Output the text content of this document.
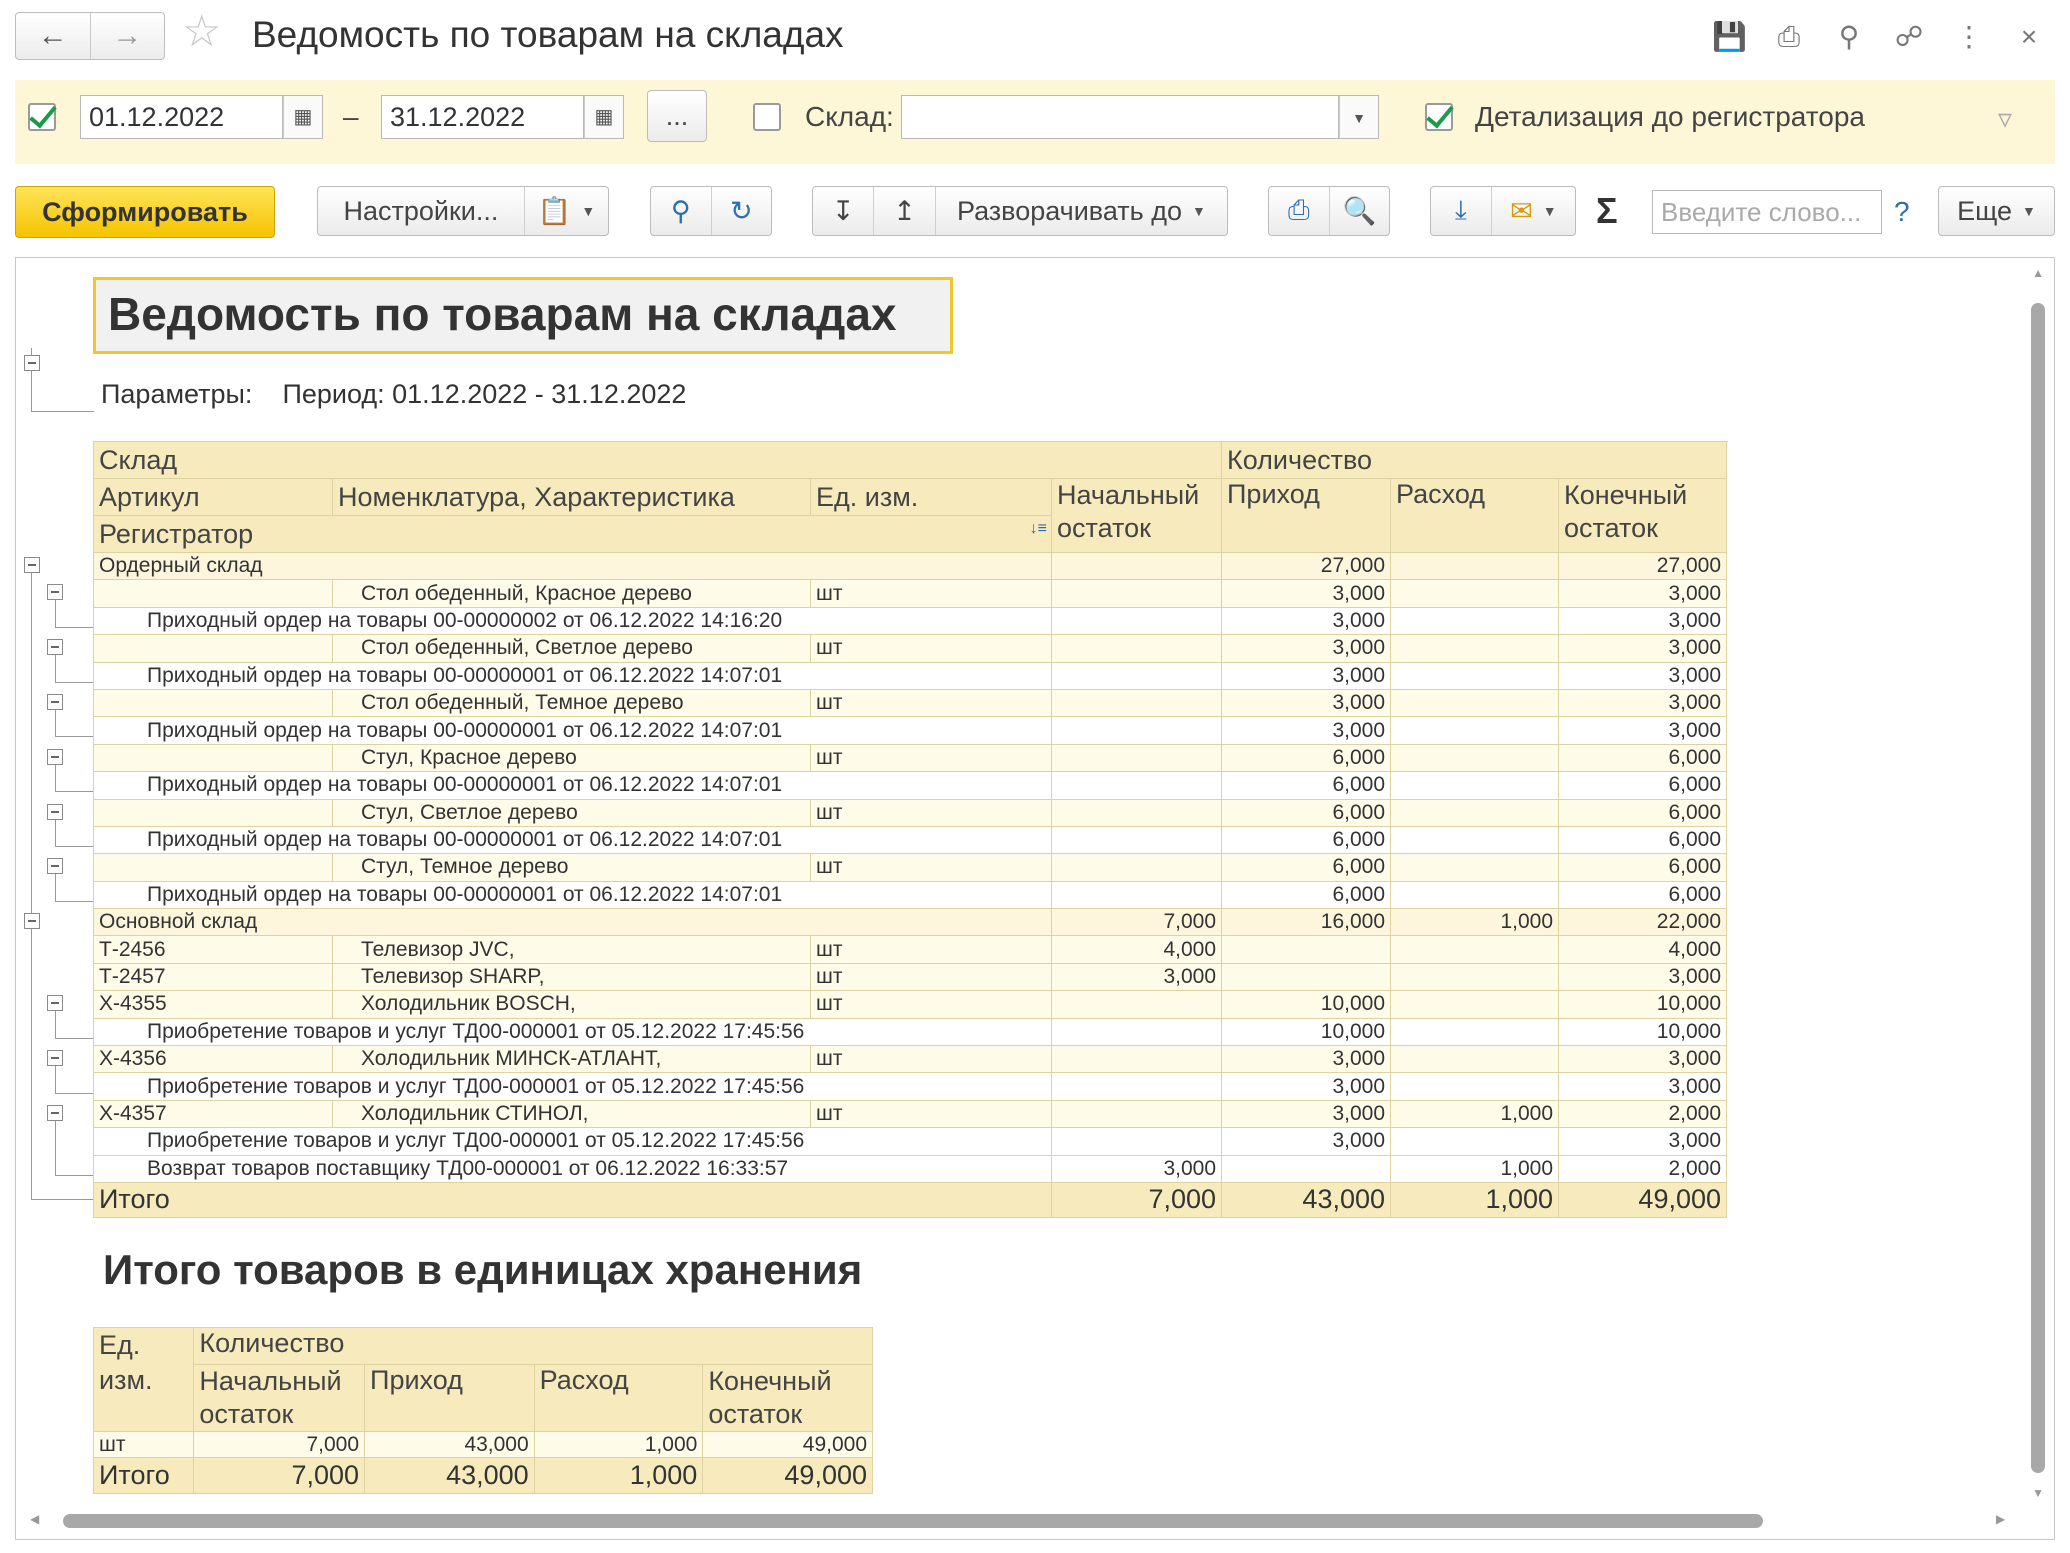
← → ☆ Ведомость по товарам на складах	💾 ⎙ ⚲ ☍ ⋮	×
01.12.2022	▦	–	31.12.2022	▦	...	Склад:	▼	Детализация до регистратора	▿
Сформировать	Настройки...	📋 ▼	⚲ ↻	↧ ↥ Разворачивать до ▼	⎙ 🔍	⤓ ✉ ▼ Σ	Введите слово...	? Еще ▼
Ведомость по товарам на складах
Параметры: Период: 01.12.2022 - 31.12.2022
Склад				Количество		
Артикул	Номенклатура, Характеристика	Ед. изм.	Начальный остаток	Приход	Расход	Конечный остаток
Регистратор ↓≡						

Ордерный склад				27,000		27,000
	Стол обеденный, Красное дерево	шт		3,000		3,000
Приходный ордер на товары 00-00000002 от 06.12.2022 14:16:20				3,000		3,000
	Стол обеденный, Светлое дерево	шт		3,000		3,000
Приходный ордер на товары 00-00000001 от 06.12.2022 14:07:01				3,000		3,000
	Стол обеденный, Темное дерево	шт		3,000		3,000
Приходный ордер на товары 00-00000001 от 06.12.2022 14:07:01				3,000		3,000
	Стул, Красное дерево	шт		6,000		6,000
Приходный ордер на товары 00-00000001 от 06.12.2022 14:07:01				6,000		6,000
	Стул, Светлое дерево	шт		6,000		6,000
Приходный ордер на товары 00-00000001 от 06.12.2022 14:07:01				6,000		6,000
	Стул, Темное дерево	шт		6,000		6,000
Приходный ордер на товары 00-00000001 от 06.12.2022 14:07:01				6,000		6,000
Основной склад			7,000	16,000	1,000	22,000
Т-2456	Телевизор JVC,	шт	4,000			4,000
Т-2457	Телевизор SHARP,	шт	3,000			3,000
Х-4355	Холодильник BOSCH,	шт		10,000		10,000
Приобретение товаров и услуг ТД00-000001 от 05.12.2022 17:45:56				10,000		10,000
Х-4356	Холодильник МИНСК-АТЛАНТ,	шт		3,000		3,000
Приобретение товаров и услуг ТД00-000001 от 05.12.2022 17:45:56				3,000		3,000
Х-4357	Холодильник СТИНОЛ,	шт		3,000	1,000	2,000
Приобретение товаров и услуг ТД00-000001 от 05.12.2022 17:45:56				3,000		3,000
Возврат товаров поставщику ТД00-000001 от 06.12.2022 16:33:57			3,000		1,000	2,000
Итого			7,000	43,000	1,000	49,000
Итого товаров в единицах хранения
Ед. изм.	Количество			
	Начальный остаток	Приход	Расход	Конечный остаток
шт	7,000	43,000	1,000	49,000
Итого	7,000	43,000	1,000	49,000
▲
▼
◀	▶
